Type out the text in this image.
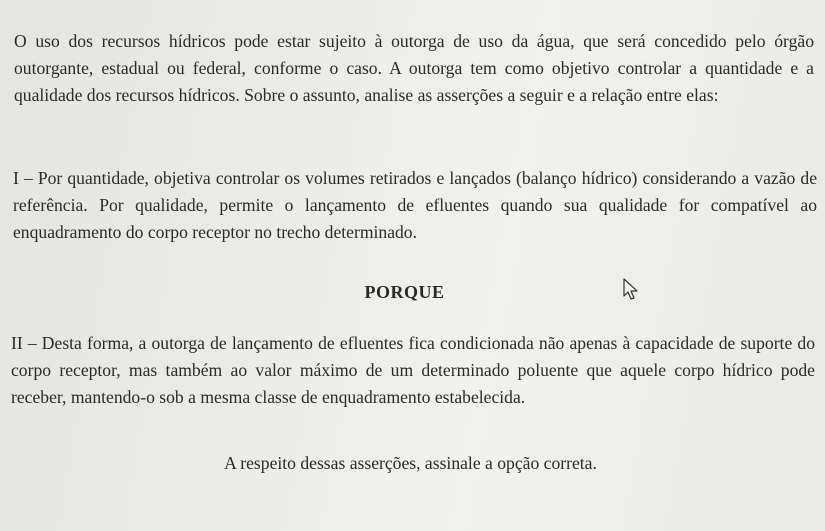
O uso dos recursos hídricos pode estar sujeito à outorga de uso da água, que será concedido pelo órgão outorgante, estadual ou federal, conforme o caso. A outorga tem como objetivo controlar a quantidade e a qualidade dos recursos hídricos. Sobre o assunto, analise as asserções a seguir e a relação entre elas:

I – Por quantidade, objetiva controlar os volumes retirados e lançados (balanço hídrico) considerando a vazão de referência. Por qualidade, permite o lançamento de efluentes quando sua qualidade for compatível ao enquadramento do corpo receptor no trecho determinado.

PORQUE

II – Desta forma, a outorga de lançamento de efluentes fica condicionada não apenas à capacidade de suporte do corpo receptor, mas também ao valor máximo de um determinado poluente que aquele corpo hídrico pode receber, mantendo-o sob a mesma classe de enquadramento estabelecida.

A respeito dessas asserções, assinale a opção correta.
